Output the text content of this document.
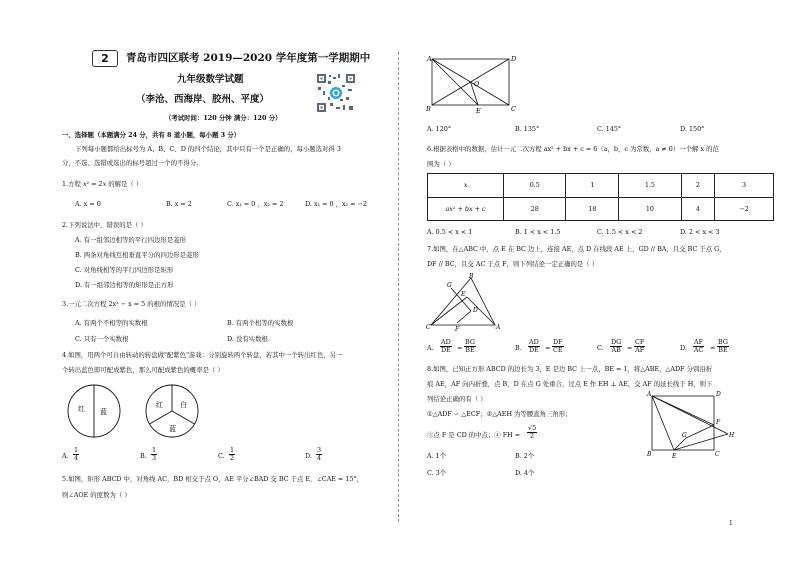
2	青岛市四区联考 2019—2020 学年度第一学期期中
九年级数学试题
（李沧、西海岸、胶州、平度）
（考试时间：120 分钟 满分：120 分）
一、选择题（本题满分 24 分，共有 8 道小题，每小题 3 分）
下列每小题都给出标号为 A、B、C、D 的四个结论，其中只有一个是正确的，每小题选对得 3
分，不选、选错或选出的标号超过一个的不得分.
1.方程 x² = 2x 的解是（ ）
A. x = 0	B. x = 2	C. x₁ = 0 ，x₂ = 2	D. x₁ = 0 ，x₂ = −2
2.下列说法中，错误的是（ ）
A. 有一组邻边相等的平行四边形是菱形
B. 两条对角线互相垂直平分的四边形是菱形
C. 对角线相等的平行四边形是矩形
D. 有一组邻边相等的矩形是正方形
3.一元二次方程 2x² − x = 5 的根的情况是（ ）
A. 有两个不相等的实数根	B. 有两个相等的实数根
C. 只有一个实数根	D. 没有实数根
4.如图，用两个可自由转动的转盘做"配紫色"游戏：分别旋转两个转盘，若其中一个转出红色，另一
个转出蓝色即可配成紫色，那么可配成紫色的概率是（ ）
红 蓝
红 白
蓝
A. $\frac{1}{4}$	B. $\frac{1}{3}$	C. $\frac{1}{2}$	D. $\frac{3}{4}$
5.如图，矩形 ABCD 中，对角线 AC，BD 相交于点 O，AE 平分∠BAD 交 BC 于点 E，∠CAE = 15°，
则∠AOE 的度数为（ ）
A	D
O
B	E	C
A. 120°	B. 135°	C. 145°	D. 150°
6.根据表格中的数据，估计一元二次方程 ax² + bx + c = 6（a，b，c 为常数，a ≠ 0）一个解 x 的范
围为（ ）
x	0.5	1	1.5	2	3
ax² + bx + c	28	18	10	4	−2
A. 0.5 < x < 1	B. 1 < x < 1.5	C. 1.5 < x < 2	D. 2 < x < 3
7.如图，在△ABC 中，点 E 在 BC 边上，连接 AE，点 D 在线段 AE 上，GD // BA，且交 BC 于点 G，
DF // BC，且交 AC 于点 F，则下列结论一定正确的是（ ）
B
G
E
D
C	F	A
A. $\frac{AD}{DE} = \frac{BG}{BE}$	B. $\frac{AD}{DE} = \frac{DF}{CE}$	C. $\frac{DG}{AB} = \frac{CF}{AF}$	D. $\frac{AF}{AC} = \frac{BG}{BE}$
8.如图，已知正方形 ABCD 的边长为 3，E 是边 BC 上一点，BE = 1，将△ABE，△ADF 分别沿折
痕 AE，AF 向内折叠，点 B，D 在点 G 处重合，过点 E 作 EH ⊥ AE，交 AF 的延长线于 H，则下
列结论正确的有（ ）
①△ADF ∽ △ECF；②△AEH 为等腰直角三角形；
③点 F 是 CD 的中点；④ FH = $\frac{√5}{2}$
A. 1个	B. 2个
C. 3个	D. 4个
A	D
F
H
G
B	E	C
1
